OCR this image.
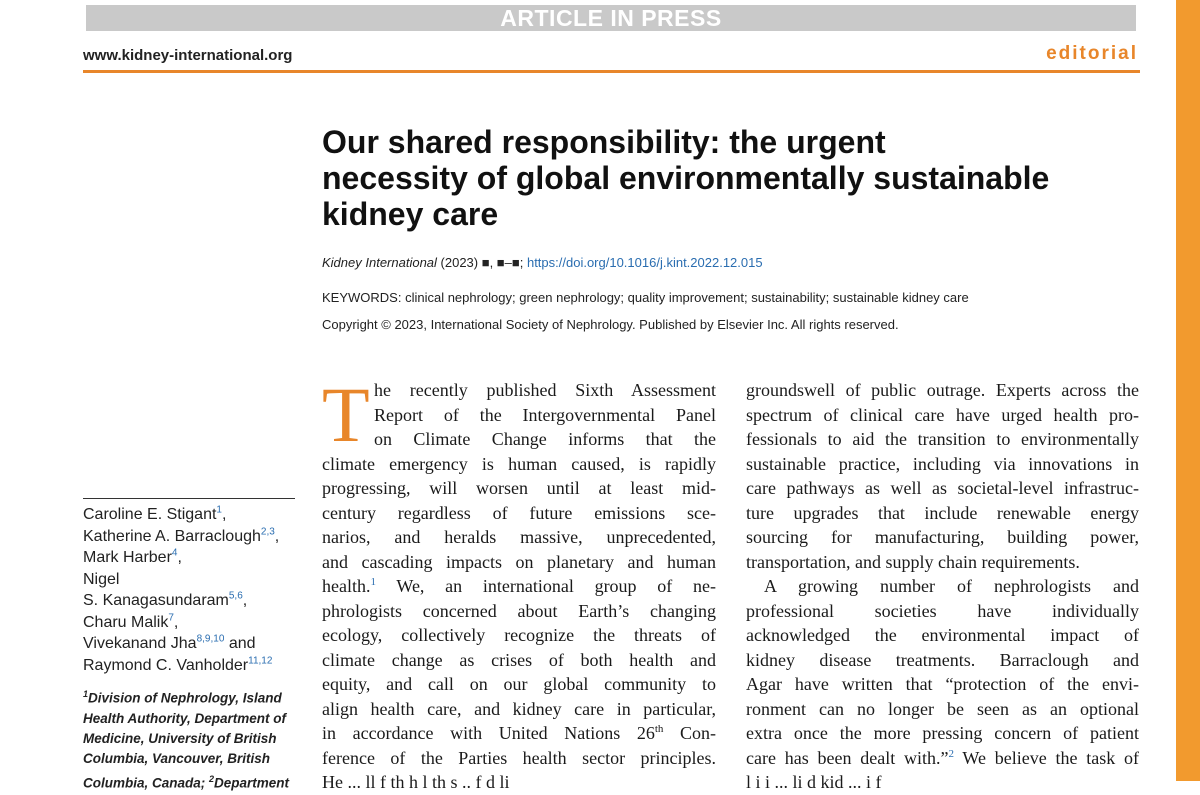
ARTICLE IN PRESS
www.kidney-international.org	editorial
Our shared responsibility: the urgent
necessity of global environmentally sustainable
kidney care
Kidney International (2023) ■, ■–■; https://doi.org/10.1016/j.kint.2022.12.015
KEYWORDS: clinical nephrology; green nephrology; quality improvement; sustainability; sustainable kidney care
Copyright © 2023, International Society of Nephrology. Published by Elsevier Inc. All rights reserved.
T he recently published Sixth Assessment
Report of the Intergovernmental Panel
on Climate Change informs that the
climate emergency is human caused, is rapidly
progressing, will worsen until at least mid-
century regardless of future emissions sce-
narios, and heralds massive, unprecedented,
and cascading impacts on planetary and human
health.$^1$ We, an international group of ne-
phrologists concerned about Earth’s changing
ecology, collectively recognize the threats of
climate change as crises of both health and
equity, and call on our global community to
align health care, and kidney care in particular,
in accordance with United Nations 26th Con-
ference of the Parties health sector principles.
He ... ll f th h l th s .. f d li
groundswell of public outrage. Experts across the
spectrum of clinical care have urged health pro-
fessionals to aid the transition to environmentally
sustainable practice, including via innovations in
care pathways as well as societal-level infrastruc-
ture upgrades that include renewable energy
sourcing for manufacturing, building power,
transportation, and supply chain requirements.
A growing number of nephrologists and
professional societies have individually
acknowledged the environmental impact of
kidney disease treatments. Barraclough and
Agar have written that “protection of the envi-
ronment can no longer be seen as an optional
extra once the more pressing concern of patient
care has been dealt with.”$^2$ We believe the task of
l i i ... li d kid ... i f
Caroline E. Stigant$^1$,
Katherine A. Barraclough$^{2,3}$,
Mark Harber$^4$,
Nigel
S. Kanagasundaram$^{5,6}$,
Charu Malik$^7$,
Vivekanand Jha$^{8,9,10}$ and
Raymond C. Vanholder$^{11,12}$
$^1$Division of Nephrology, Island Health Authority, Department of Medicine, University of British Columbia, Vancouver, British Columbia, Canada; $^2$Department
